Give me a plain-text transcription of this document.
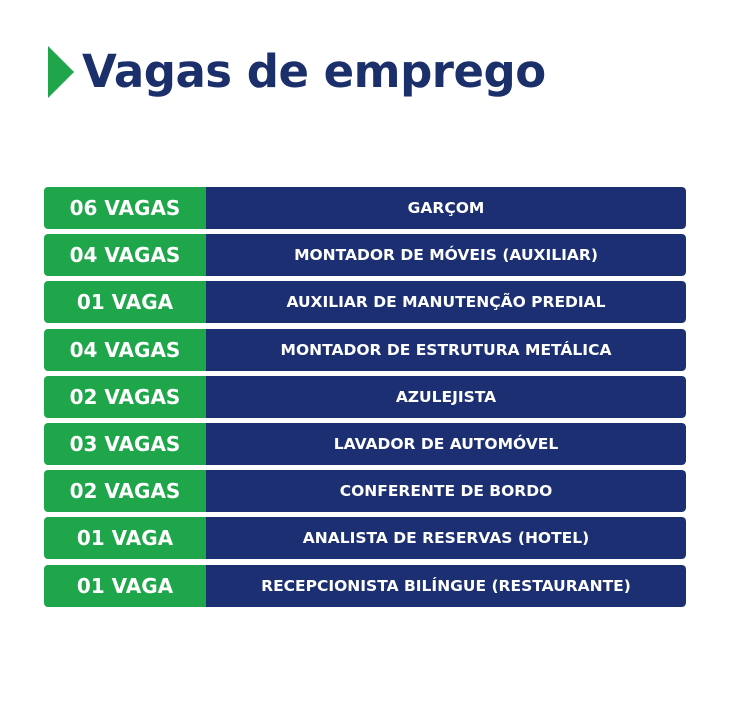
Vagas de emprego
06 VAGAS	GARÇOM
04 VAGAS	MONTADOR DE MÓVEIS (AUXILIAR)
01 VAGA	AUXILIAR DE MANUTENÇÃO PREDIAL
04 VAGAS	MONTADOR DE ESTRUTURA METÁLICA
02 VAGAS	AZULEJISTA
03 VAGAS	LAVADOR DE AUTOMÓVEL
02 VAGAS	CONFERENTE DE BORDO
01 VAGA	ANALISTA DE RESERVAS (HOTEL)
01 VAGA	RECEPCIONISTA BILÍNGUE (RESTAURANTE)
